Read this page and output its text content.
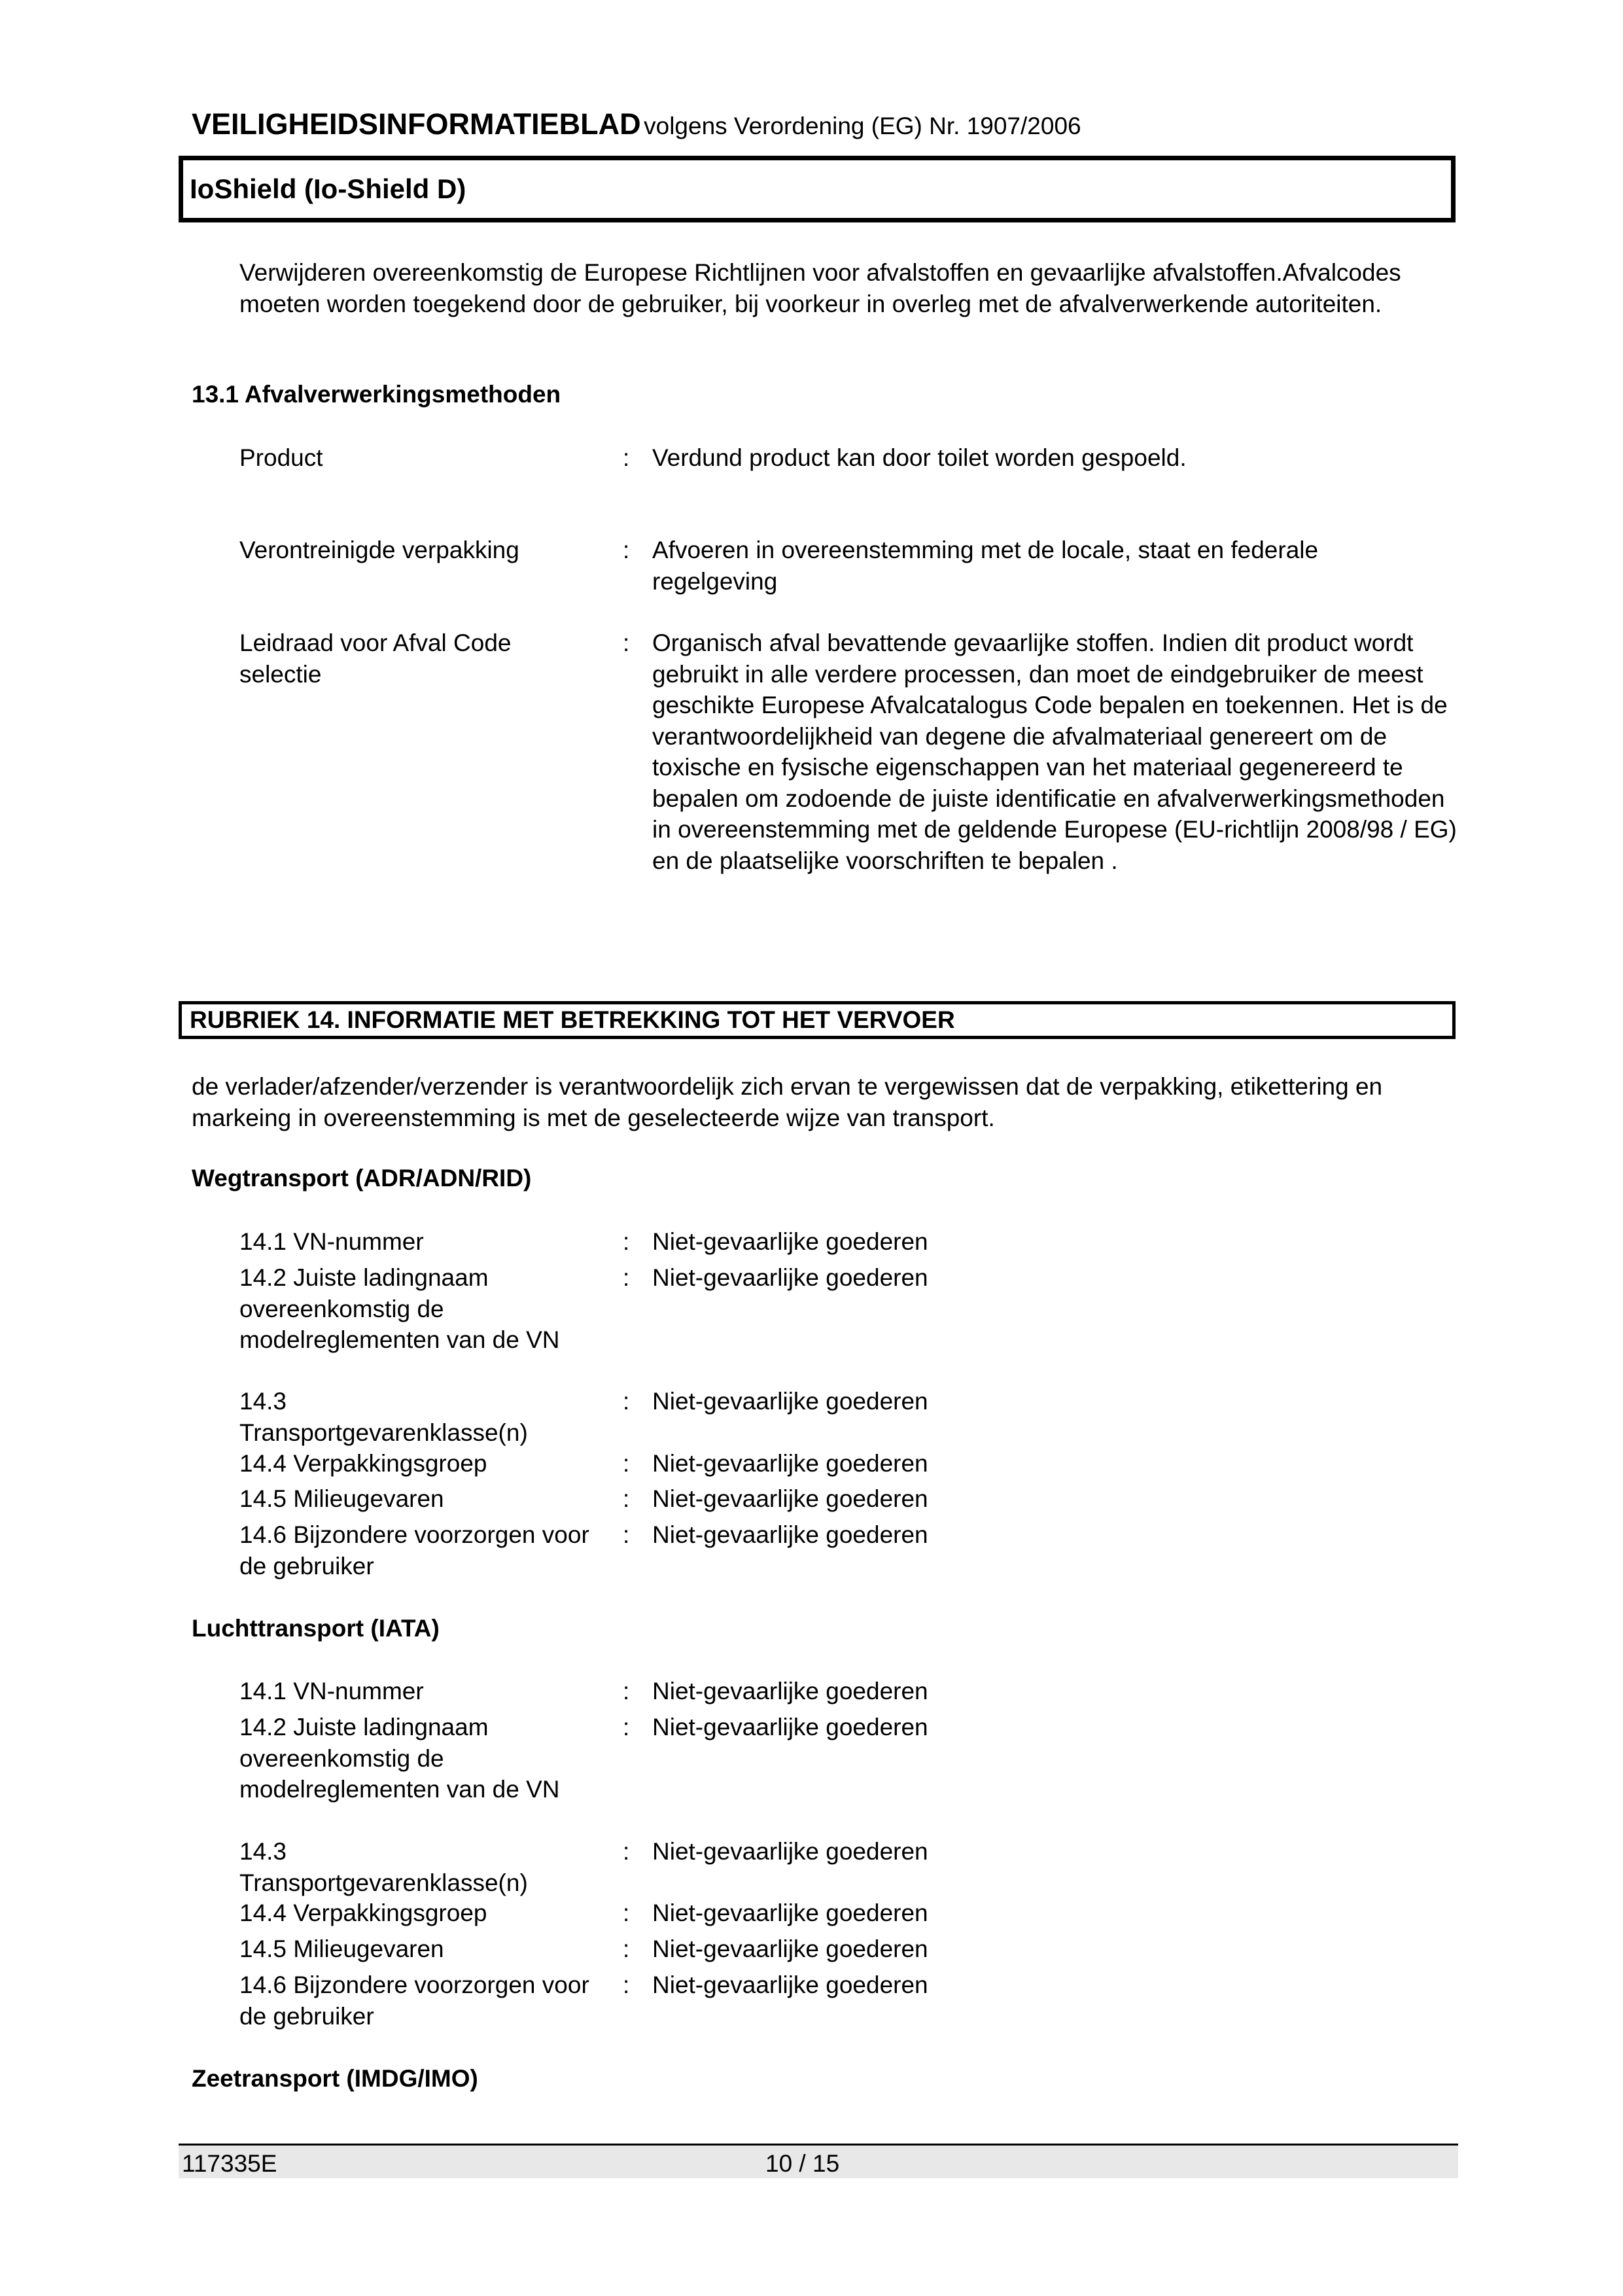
VEILIGHEIDSINFORMATIEBLAD volgens Verordening (EG) Nr. 1907/2006
IoShield (Io-Shield D)
Verwijderen overeenkomstig de Europese Richtlijnen voor afvalstoffen en gevaarlijke afvalstoffen.Afvalcodes moeten worden toegekend door de gebruiker, bij voorkeur in overleg met de afvalverwerkende autoriteiten.
13.1 Afvalverwerkingsmethoden
Product	: Verdund product kan door toilet worden gespoeld.
Verontreinigde verpakking	: Afvoeren in overeenstemming met de locale, staat en federale regelgeving
Leidraad voor Afval Code selectie
: Organisch afval bevattende gevaarlijke stoffen. Indien dit product wordt gebruikt in alle verdere processen, dan moet de eindgebruiker de meest geschikte Europese Afvalcatalogus Code bepalen en toekennen. Het is de verantwoordelijkheid van degene die afvalmateriaal genereert om de toxische en fysische eigenschappen van het materiaal gegenereerd te bepalen om zodoende de juiste identificatie en afvalverwerkingsmethoden in overeenstemming met de geldende Europese (EU-richtlijn 2008/98 / EG) en de plaatselijke voorschriften te bepalen .
RUBRIEK 14. INFORMATIE MET BETREKKING TOT HET VERVOER
de verlader/afzender/verzender is verantwoordelijk zich ervan te vergewissen dat de verpakking, etikettering en markeing in overeenstemming is met de geselecteerde wijze van transport.
Wegtransport (ADR/ADN/RID)
14.1 VN-nummer	: Niet-gevaarlijke goederen
14.2 Juiste ladingnaam overeenkomstig de modelreglementen van de VN
: Niet-gevaarlijke goederen
14.3 Transportgevarenklasse(n)
: Niet-gevaarlijke goederen
14.4 Verpakkingsgroep	: Niet-gevaarlijke goederen
14.5 Milieugevaren	: Niet-gevaarlijke goederen
14.6 Bijzondere voorzorgen voor de gebruiker
: Niet-gevaarlijke goederen
Luchttransport (IATA)
14.1 VN-nummer	: Niet-gevaarlijke goederen
14.2 Juiste ladingnaam overeenkomstig de modelreglementen van de VN
: Niet-gevaarlijke goederen
14.3 Transportgevarenklasse(n)
: Niet-gevaarlijke goederen
14.4 Verpakkingsgroep	: Niet-gevaarlijke goederen
14.5 Milieugevaren	: Niet-gevaarlijke goederen
14.6 Bijzondere voorzorgen voor de gebruiker
: Niet-gevaarlijke goederen
Zeetransport (IMDG/IMO)
117335E	10 / 15
